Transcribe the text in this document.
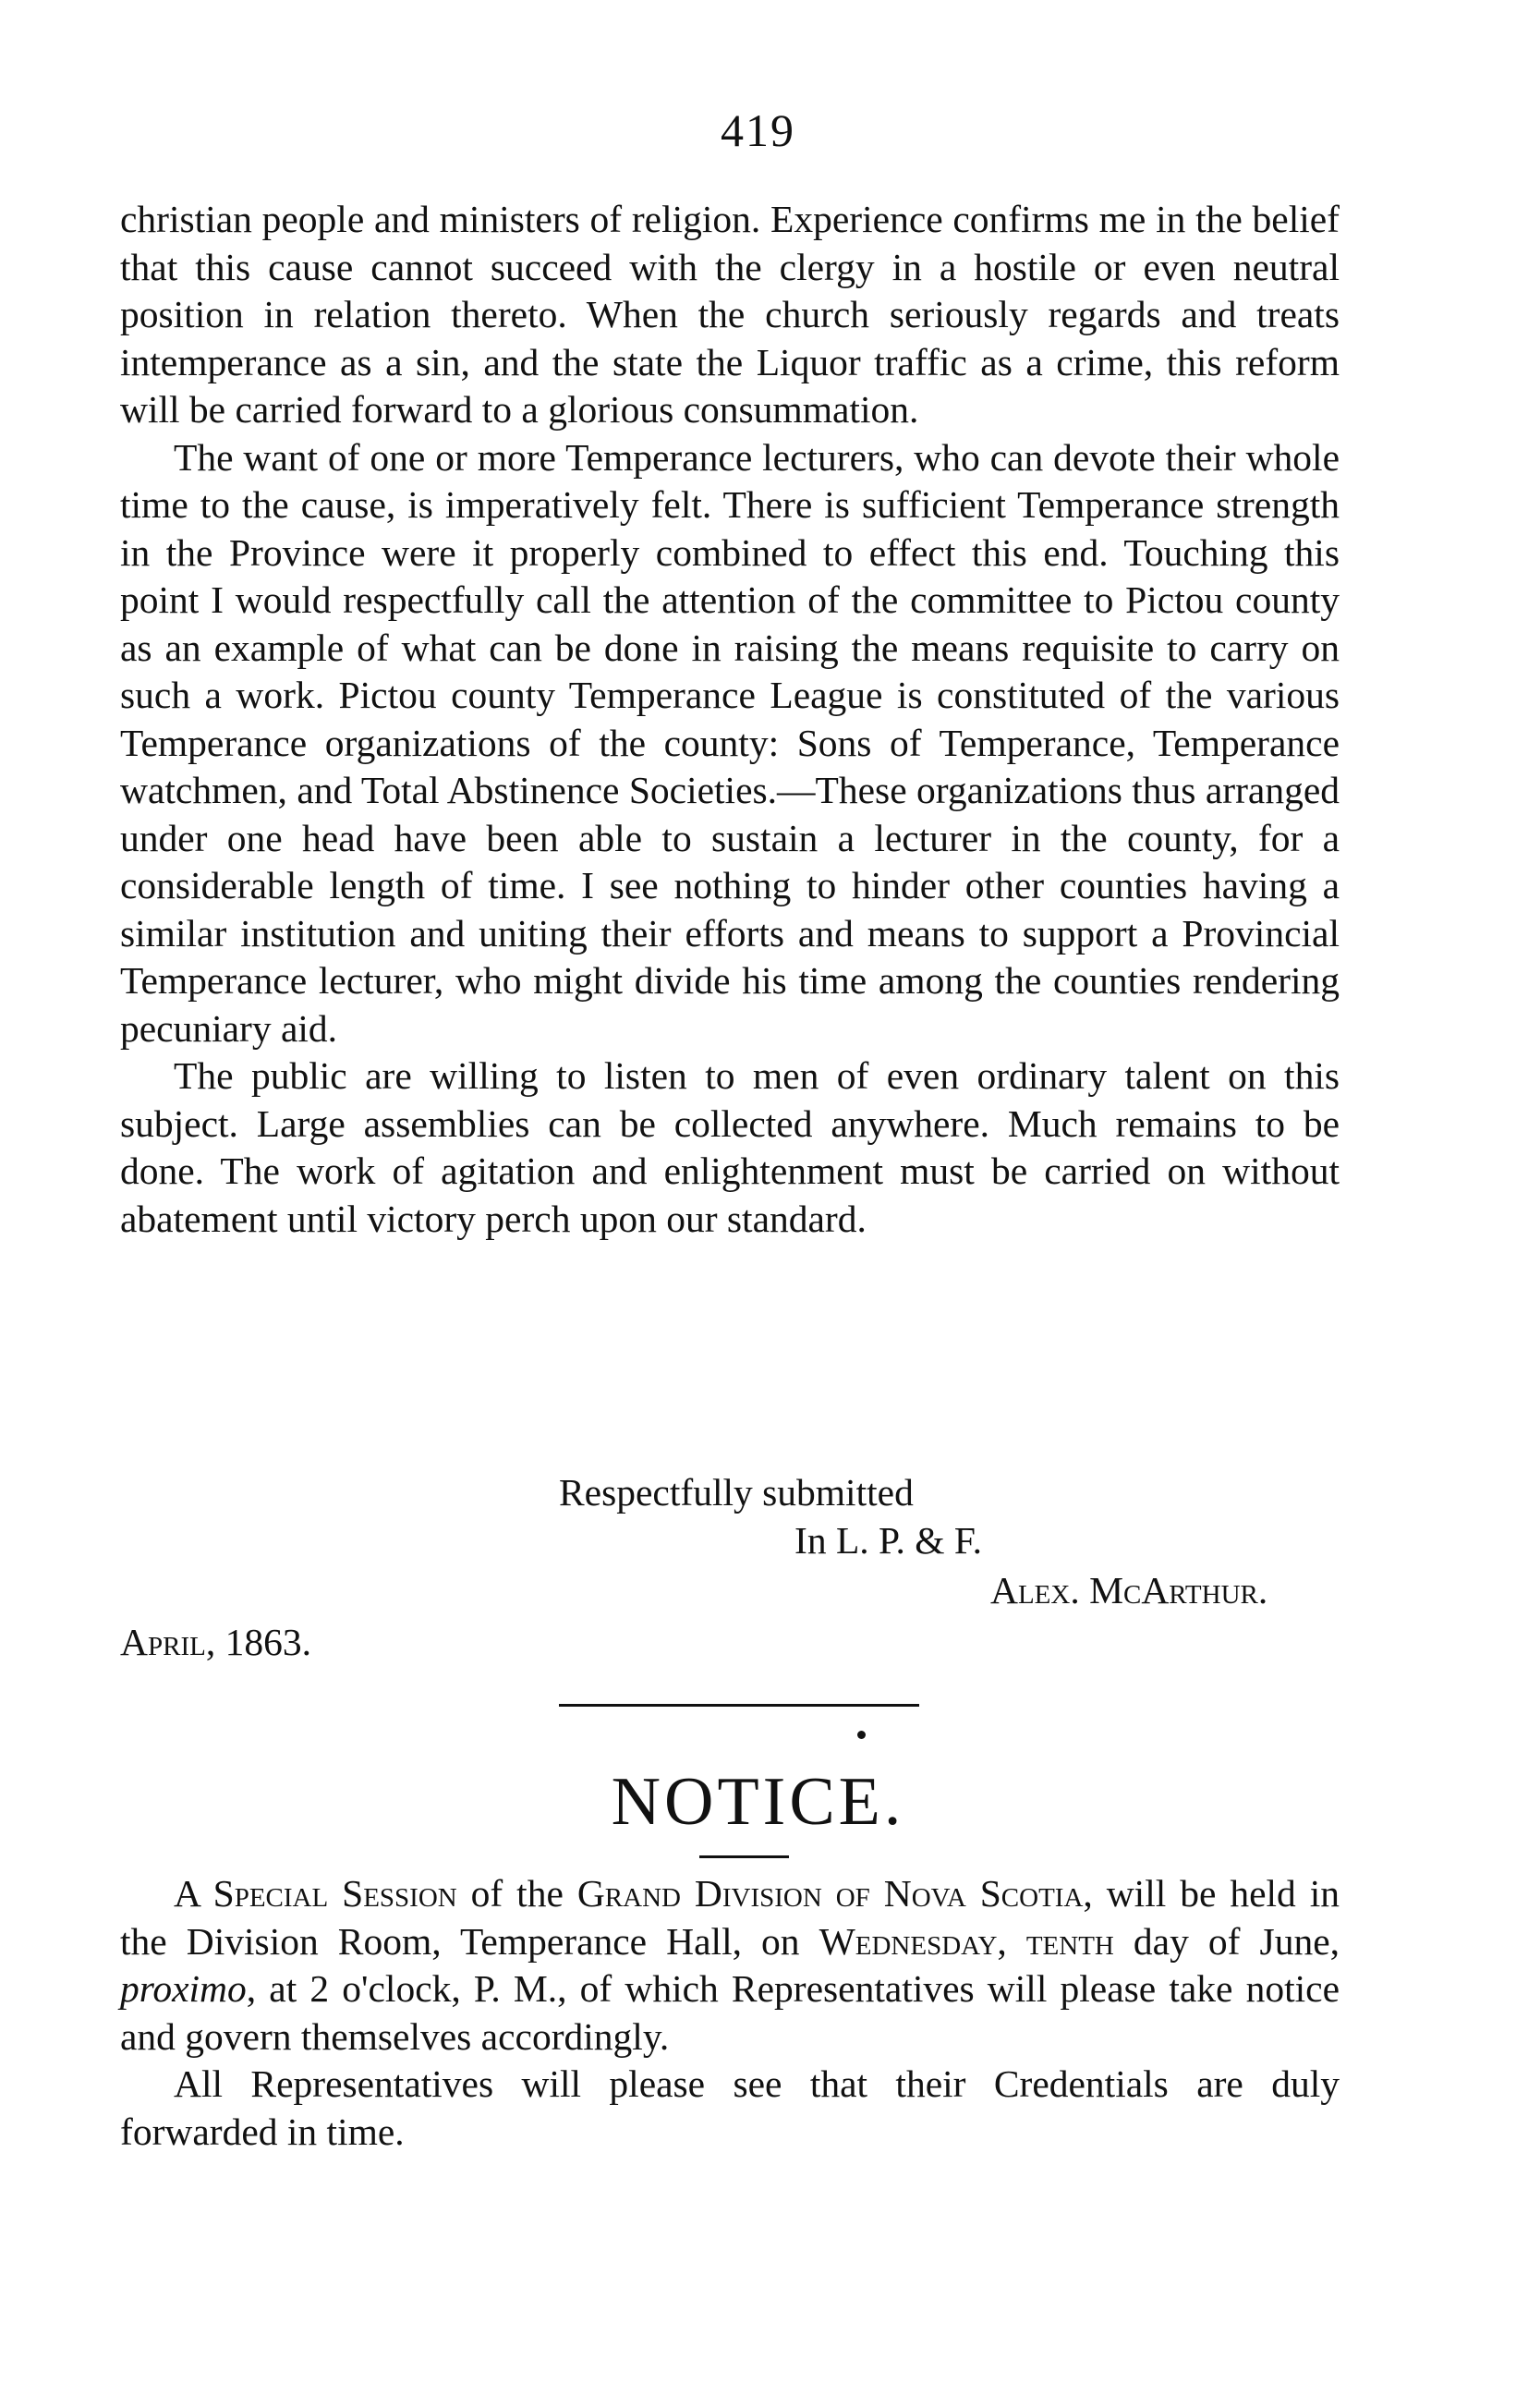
419

christian people and ministers of religion. Experience confirms me in the belief that this cause cannot succeed with the clergy in a hostile or even neutral position in relation thereto. When the church seriously regards and treats intemperance as a sin, and the state the Liquor traffic as a crime, this reform will be carried forward to a glorious consummation.

The want of one or more Temperance lecturers, who can devote their whole time to the cause, is imperatively felt. There is sufficient Temperance strength in the Province were it properly combined to effect this end. Touching this point I would respectfully call the attention of the committee to Pictou county as an example of what can be done in raising the means requisite to carry on such a work. Pictou county Temperance League is constituted of the various Temperance organizations of the county: Sons of Temperance, Temperance watchmen, and Total Abstinence Societies.—These organizations thus arranged under one head have been able to sustain a lecturer in the county, for a considerable length of time. I see nothing to hinder other counties having a similar institution and uniting their efforts and means to support a Provincial Temperance lecturer, who might divide his time among the counties rendering pecuniary aid.

The public are willing to listen to men of even ordinary talent on this subject. Large assemblies can be collected anywhere. Much remains to be done. The work of agitation and enlightenment must be carried on without abatement until victory perch upon our standard.

Respectfully submitted
In L. P. & F.
Alex. McArthur.
April, 1863.
NOTICE.

A Special Session of the Grand Division of Nova Scotia, will be held in the Division Room, Temperance Hall, on Wednesday, tenth day of June, proximo, at 2 o'clock, P. M., of which Representatives will please take notice and govern themselves accordingly.

All Representatives will please see that their Credentials are duly forwarded in time.
